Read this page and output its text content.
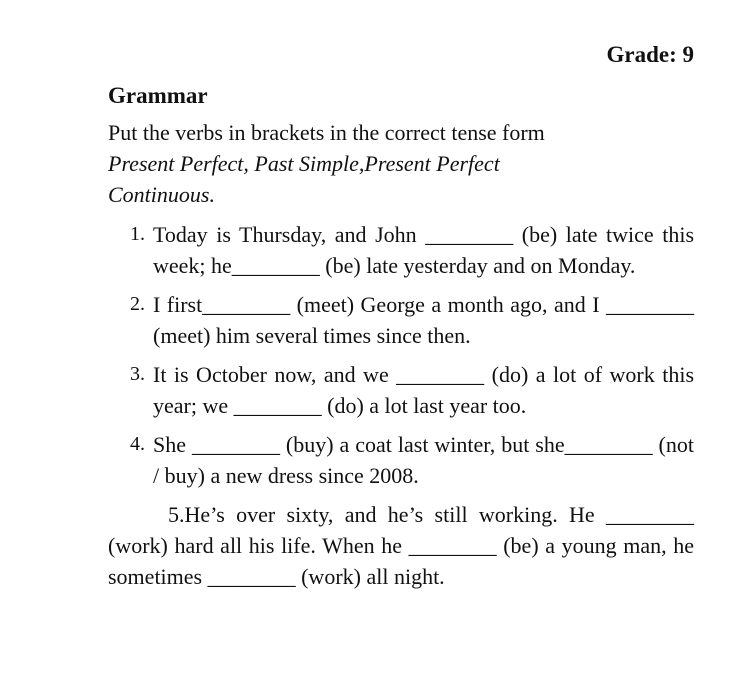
Grade: 9
Grammar
Put the verbs in brackets in the correct tense form
Present Perfect, Past Simple,Present Perfect Continuous.
1. Today is Thursday, and John ________ (be) late twice this week; he________ (be) late yesterday and on Monday.
2. I first________ (meet) George a month ago, and I ________ (meet) him several times since then.
3. It is October now, and we ________ (do) a lot of work this year; we ________ (do) a lot last year too.
4. She ________ (buy) a coat last winter, but she________ (not / buy) a new dress since 2008.
5.He’s over sixty, and he’s still working. He ________ (work) hard all his life. When he ________ (be) a young man, he sometimes ________ (work) all night.
